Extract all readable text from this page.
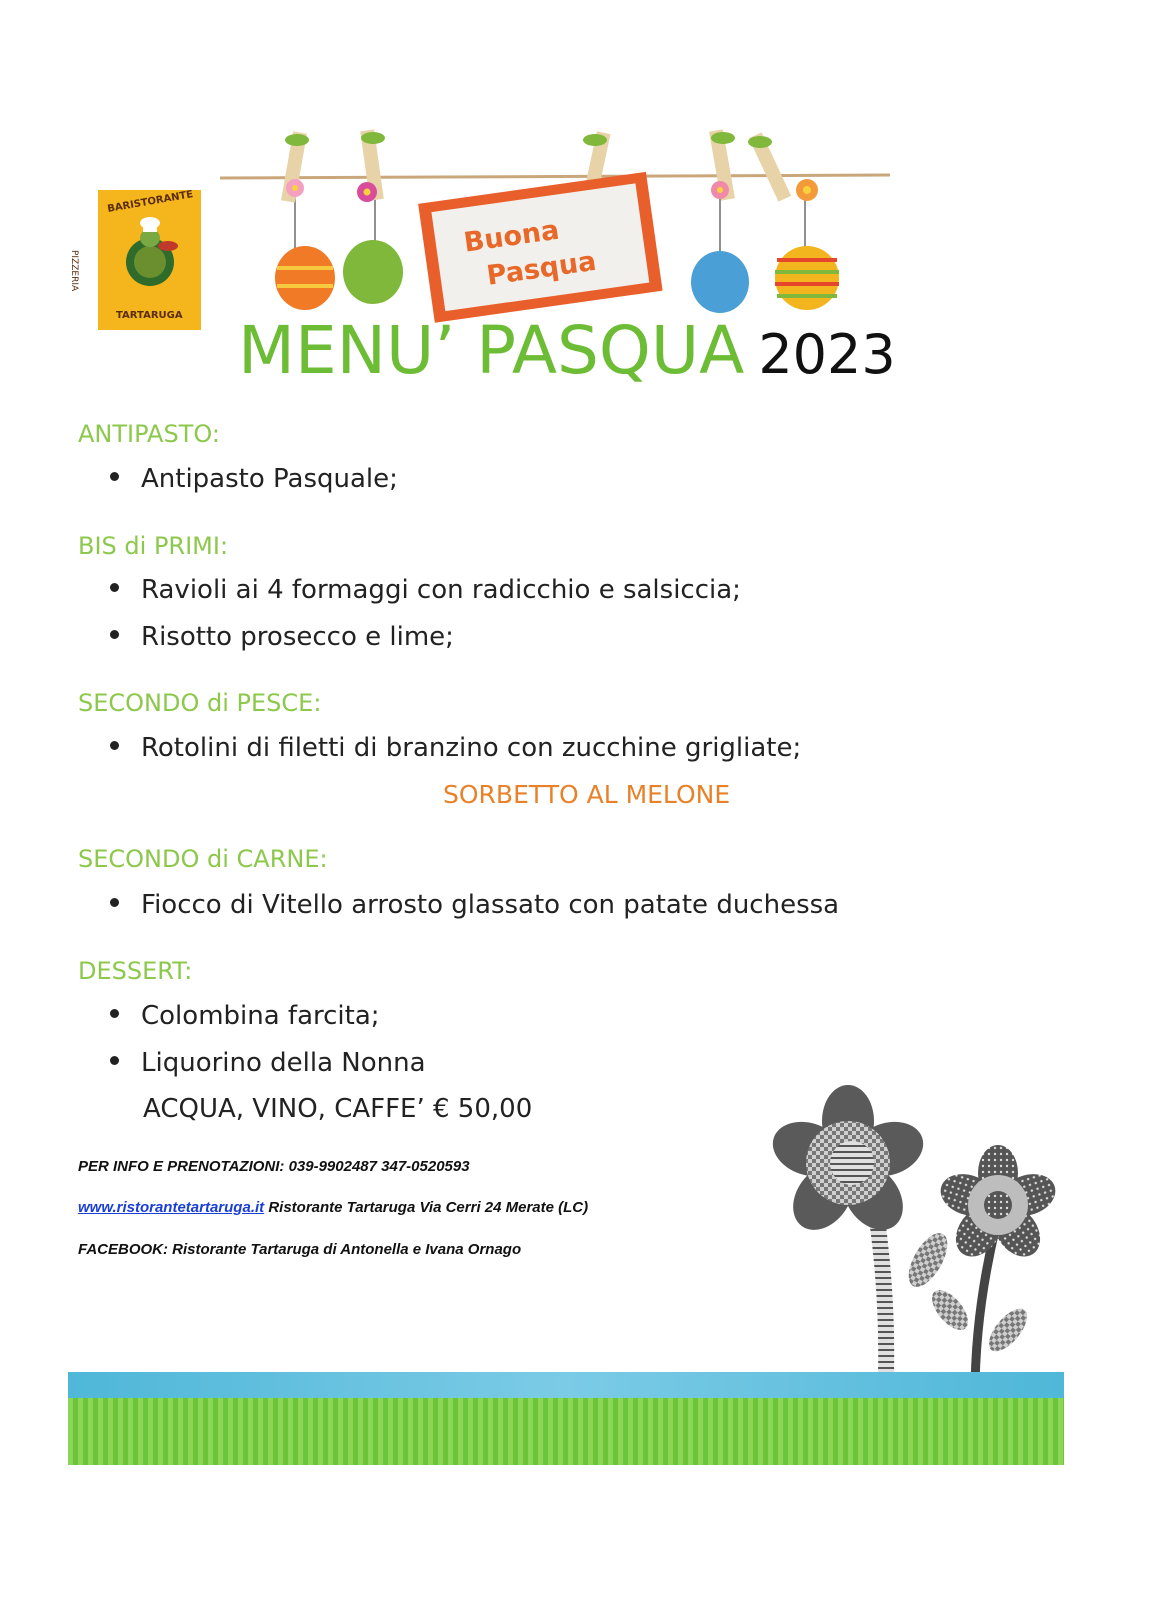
BARISTORANTE
PIZZERIA
TARTARUGA
Buona
Pasqua
MENU’ PASQUA 2023
ANTIPASTO:
Antipasto Pasquale;
BIS di PRIMI:
Ravioli ai 4 formaggi con radicchio e salsiccia;
Risotto prosecco e lime;
SECONDO di PESCE:
Rotolini di filetti di branzino con zucchine grigliate;
SORBETTO AL MELONE
SECONDO di CARNE:
Fiocco di Vitello arrosto glassato con patate duchessa
DESSERT:
Colombina farcita;
Liquorino della Nonna
ACQUA, VINO, CAFFE’ € 50,00
PER INFO E PRENOTAZIONI: 039-9902487 347-0520593
www.ristorantetartaruga.it Ristorante Tartaruga Via Cerri 24 Merate (LC)
FACEBOOK: Ristorante Tartaruga di Antonella e Ivana Ornago
